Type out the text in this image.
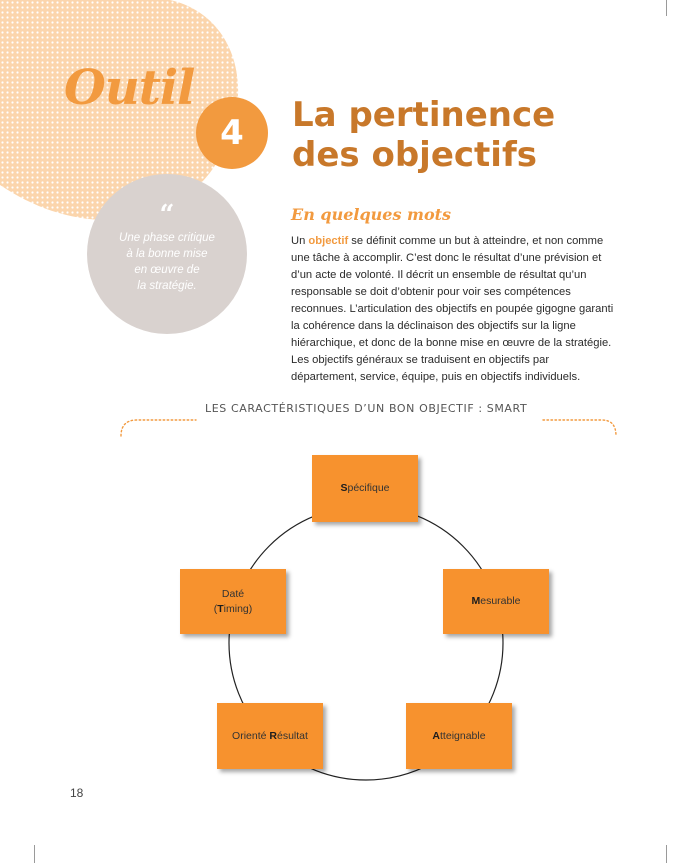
Outil
4	La pertinence
des objectifs
“
Une phase critique
à la bonne mise
en œuvre de
la stratégie.
En quelques mots

Un objectif se définit comme un but à atteindre, et non comme une tâche à accomplir. C’est donc le résultat d’une prévision et d’un acte de volonté. Il décrit un ensemble de résultat qu’un responsable se doit d’obtenir pour voir ses compétences reconnues. L’articulation des objectifs en poupée gigogne garanti la cohérence dans la déclinaison des objectifs sur la ligne hiérarchique, et donc de la bonne mise en œuvre de la stratégie.

Les objectifs généraux se traduisent en objectifs par département, service, équipe, puis en objectifs individuels.

LES CARACTÉRISTIQUES D’UN BON OBJECTIF : SMART
Spécifique
Mesurable
Atteignable
Orienté Résultat
Daté
(Timing)
18
